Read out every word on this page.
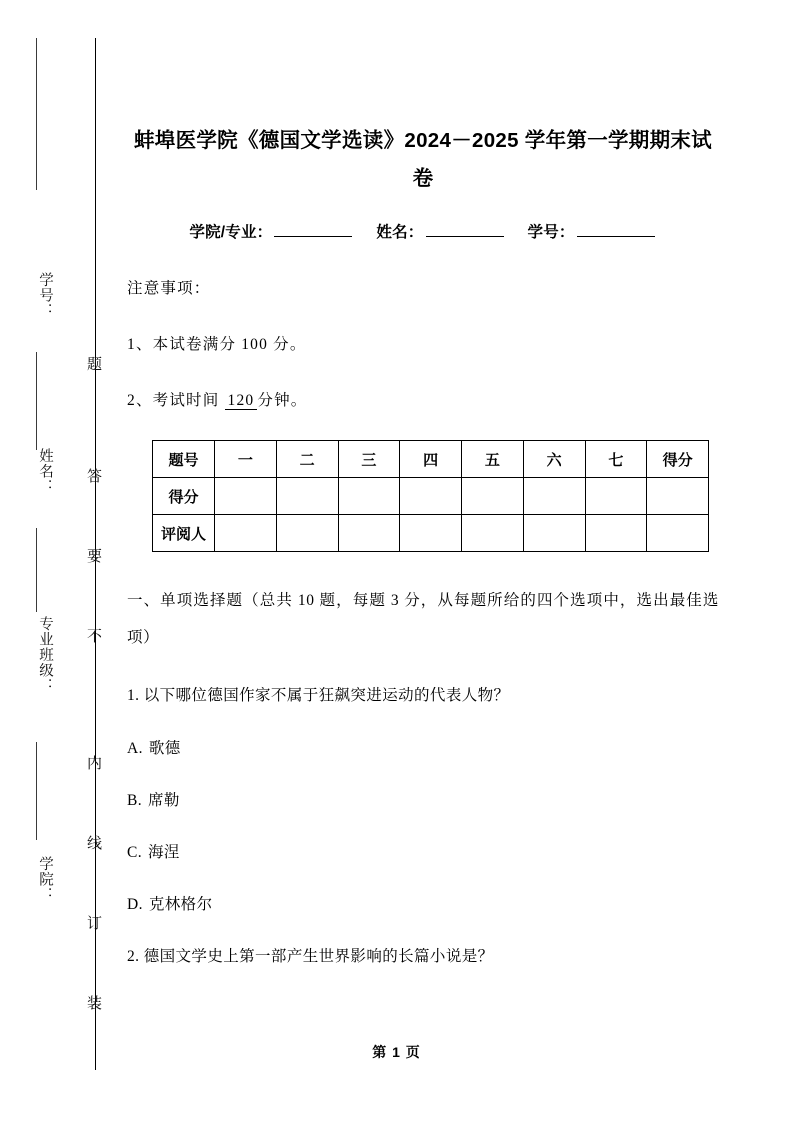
学号：
姓名：
专业班级：
学院：
题
答
要
不
内
线
订
装
蚌埠医学院《德国文学选读》2024－2025 学年第一学期期末试卷
学院/专业：	姓名：	学号：
注意事项：
1、本试卷满分 100 分。
2、考试时间 120 分钟。
题号	一	二	三	四	五	六	七	得分
得分								
评阅人								
一、单项选择题（总共 10 题，每题 3 分，从每题所给的四个选项中，选出最佳选项）
1. 以下哪位德国作家不属于狂飙突进运动的代表人物？
A. 歌德
B. 席勒
C. 海涅
D. 克林格尔
2. 德国文学史上第一部产生世界影响的长篇小说是？
第 1 页
